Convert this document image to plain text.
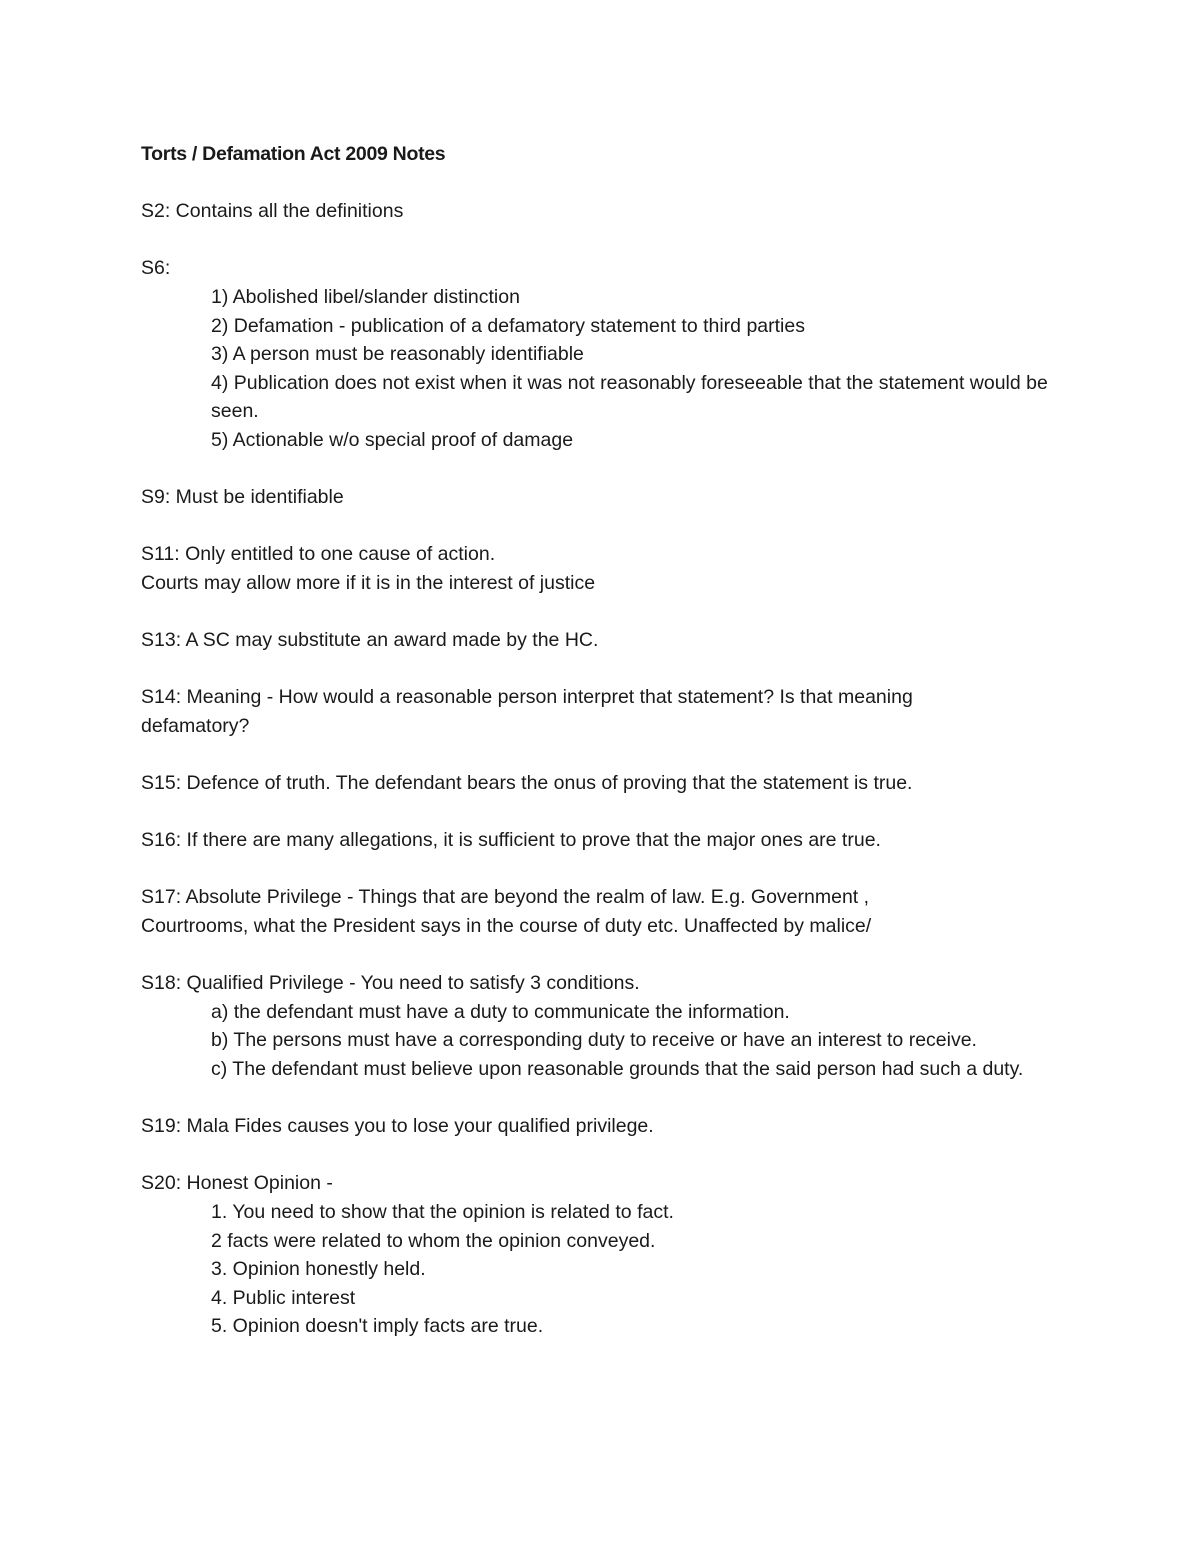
Torts / Defamation Act 2009 Notes

S2: Contains all the definitions

S6:

1) Abolished libel/slander distinction

2) Defamation - publication of a defamatory statement to third parties

3) A person must be reasonably identifiable

4) Publication does not exist when it was not reasonably foreseeable that the statement would be seen.

5) Actionable w/o special proof of damage

S9: Must be identifiable

S11: Only entitled to one cause of action.

Courts may allow more if it is in the interest of justice

S13: A SC may substitute an award made by the HC.

S14: Meaning - How would a reasonable person interpret that statement? Is that meaning defamatory?

S15: Defence of truth. The defendant bears the onus of proving that the statement is true.

S16: If there are many allegations, it is sufficient to prove that the major ones are true.

S17: Absolute Privilege - Things that are beyond the realm of law. E.g. Government , Courtrooms, what the President says in the course of duty etc. Unaffected by malice/

S18: Qualified Privilege - You need to satisfy 3 conditions.

a) the defendant must have a duty to communicate the information.

b) The persons must have a corresponding duty to receive or have an interest to receive.

c) The defendant must believe upon reasonable grounds that the said person had such a duty.

S19: Mala Fides causes you to lose your qualified privilege.

S20: Honest Opinion -

1. You need to show that the opinion is related to fact.

2 facts were related to whom the opinion conveyed.

3. Opinion honestly held.

4. Public interest

5. Opinion doesn't imply facts are true.
